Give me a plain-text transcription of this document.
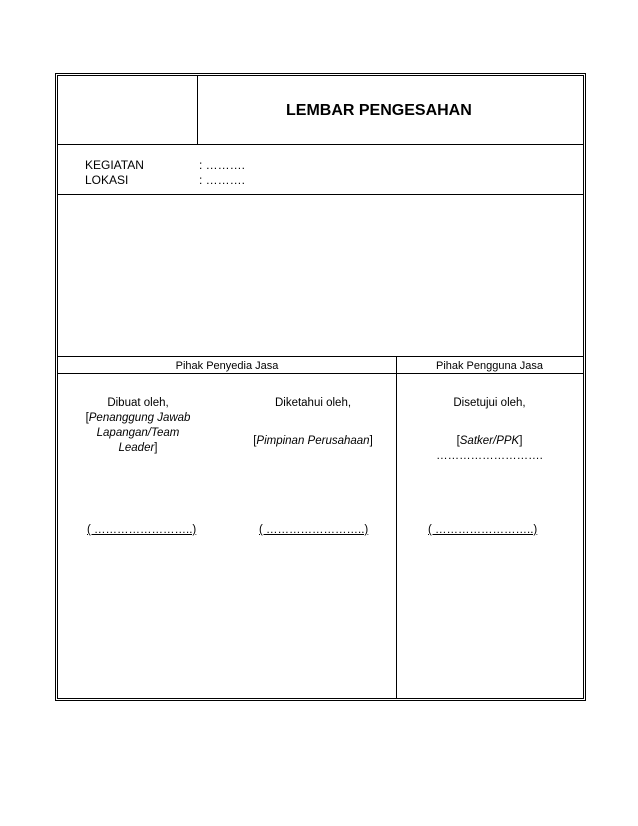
LEMBAR PENGESAHAN
KEGIATAN	: ……….
LOKASI	: ……….
Pihak Penyedia Jasa	Pihak Pengguna Jasa
Dibuat oleh,
[Penanggung Jawab
Lapangan/Team
Leader]
( ……………………..)
Diketahui oleh,
[Pimpinan Perusahaan]
( ……………………..)
Disetujui oleh,
[Satker/PPK]
……………………….
( ……………………..)
